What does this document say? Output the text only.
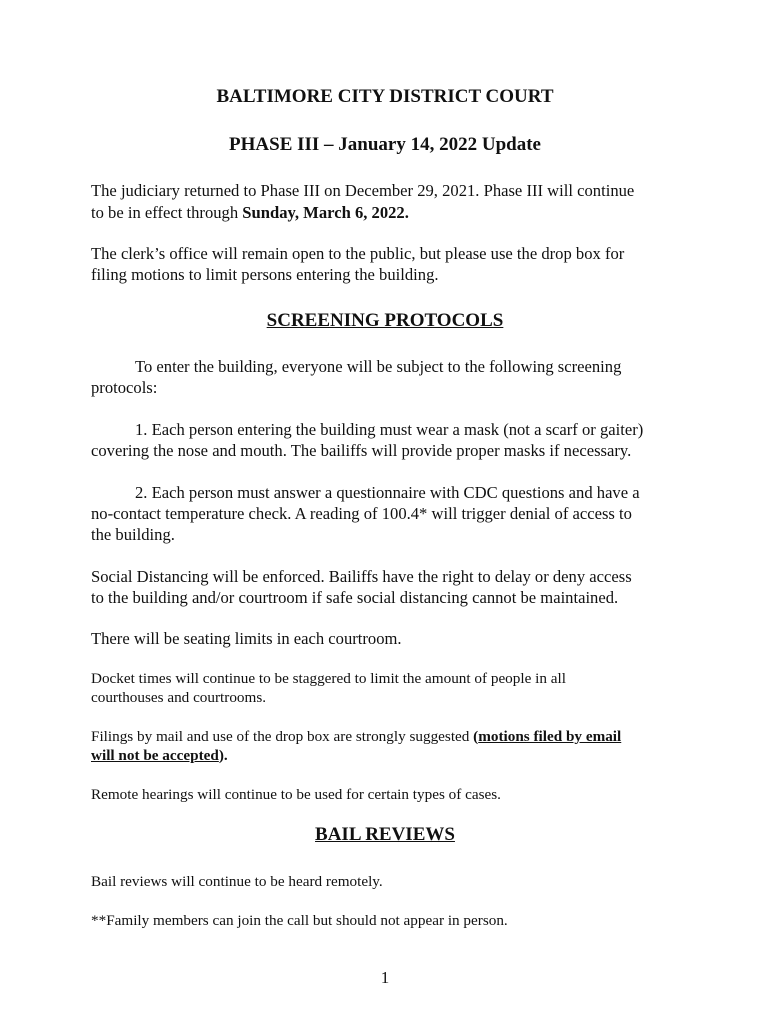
BALTIMORE CITY DISTRICT COURT

PHASE III – January 14, 2022 Update

The judiciary returned to Phase III on December 29, 2021. Phase III will continue

to be in effect through Sunday, March 6, 2022.

The clerk’s office will remain open to the public, but please use the drop box for

filing motions to limit persons entering the building.

SCREENING PROTOCOLS

To enter the building, everyone will be subject to the following screening

protocols:

1. Each person entering the building must wear a mask (not a scarf or gaiter)

covering the nose and mouth. The bailiffs will provide proper masks if necessary.

2. Each person must answer a questionnaire with CDC questions and have a

no-contact temperature check. A reading of 100.4* will trigger denial of access to

the building.

Social Distancing will be enforced. Bailiffs have the right to delay or deny access

to the building and/or courtroom if safe social distancing cannot be maintained.

There will be seating limits in each courtroom.

Docket times will continue to be staggered to limit the amount of people in all

courthouses and courtrooms.

Filings by mail and use of the drop box are strongly suggested (motions filed by email

will not be accepted).

Remote hearings will continue to be used for certain types of cases.

BAIL REVIEWS

Bail reviews will continue to be heard remotely.

**Family members can join the call but should not appear in person.

1
